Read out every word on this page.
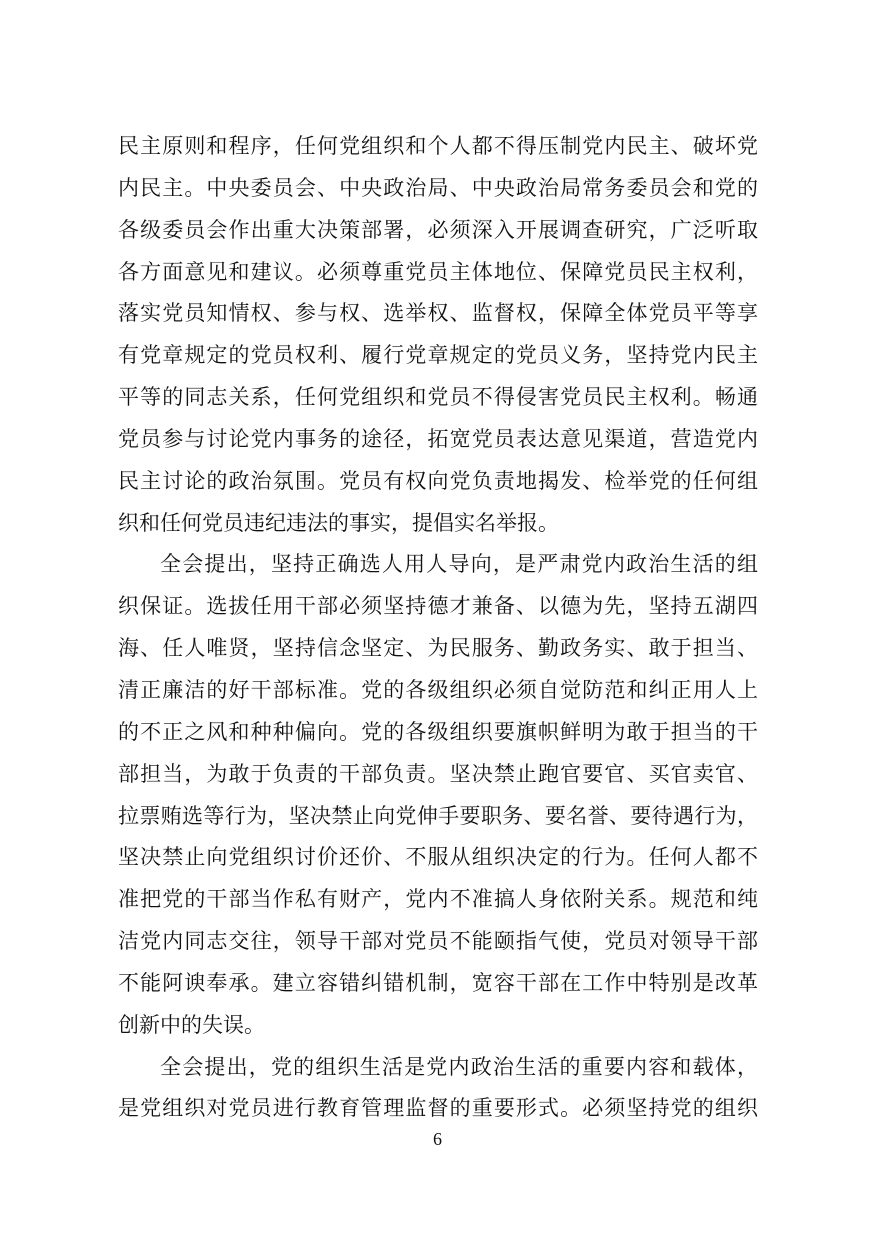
民主原则和程序，任何党组织和个人都不得压制党内民主、破坏党
内民主。中央委员会、中央政治局、中央政治局常务委员会和党的
各级委员会作出重大决策部署，必须深入开展调查研究，广泛听取
各方面意见和建议。必须尊重党员主体地位、保障党员民主权利，
落实党员知情权、参与权、选举权、监督权，保障全体党员平等享
有党章规定的党员权利、履行党章规定的党员义务，坚持党内民主
平等的同志关系，任何党组织和党员不得侵害党员民主权利。畅通
党员参与讨论党内事务的途径，拓宽党员表达意见渠道，营造党内
民主讨论的政治氛围。党员有权向党负责地揭发、检举党的任何组
织和任何党员违纪违法的事实，提倡实名举报。
全会提出，坚持正确选人用人导向，是严肃党内政治生活的组
织保证。选拔任用干部必须坚持德才兼备、以德为先，坚持五湖四
海、任人唯贤，坚持信念坚定、为民服务、勤政务实、敢于担当、
清正廉洁的好干部标准。党的各级组织必须自觉防范和纠正用人上
的不正之风和种种偏向。党的各级组织要旗帜鲜明为敢于担当的干
部担当，为敢于负责的干部负责。坚决禁止跑官要官、买官卖官、
拉票贿选等行为，坚决禁止向党伸手要职务、要名誉、要待遇行为，
坚决禁止向党组织讨价还价、不服从组织决定的行为。任何人都不
准把党的干部当作私有财产，党内不准搞人身依附关系。规范和纯
洁党内同志交往，领导干部对党员不能颐指气使，党员对领导干部
不能阿谀奉承。建立容错纠错机制，宽容干部在工作中特别是改革
创新中的失误。
全会提出，党的组织生活是党内政治生活的重要内容和载体，
是党组织对党员进行教育管理监督的重要形式。必须坚持党的组织
6
